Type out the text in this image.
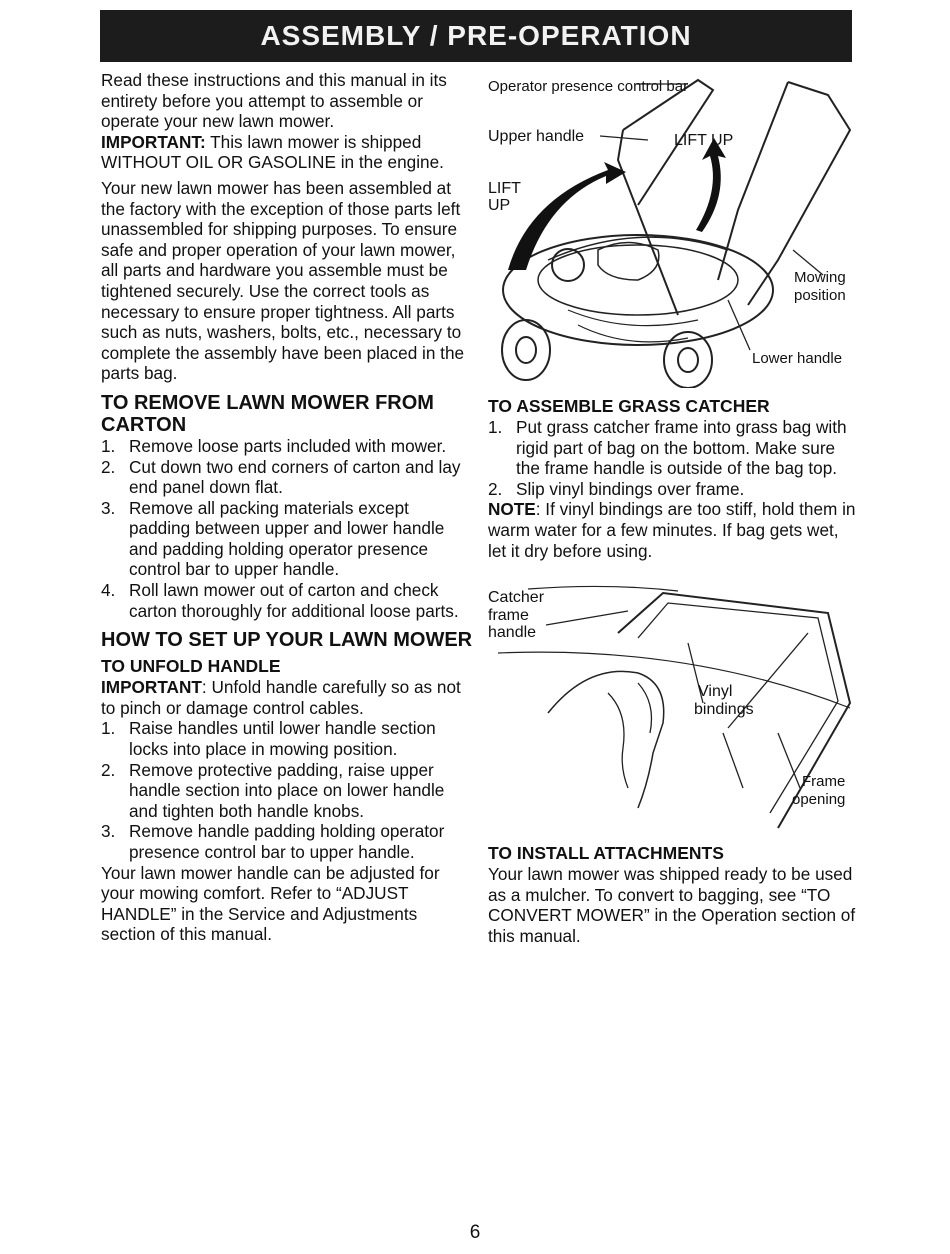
ASSEMBLY / PRE-OPERATION

Read these instructions and this manual in its entirety before you attempt to assemble or operate your new lawn mower.

IMPORTANT: This lawn mower is shipped WITHOUT OIL OR GASOLINE in the engine.

Your new lawn mower has been assembled at the factory with the exception of those parts left unassembled for shipping purposes. To ensure safe and proper operation of your lawn mower, all parts and hardware you assemble must be tightened securely. Use the correct tools as necessary to ensure proper tightness. All parts such as nuts, washers, bolts, etc., necessary to complete the assembly have been placed in the parts bag.

TO REMOVE LAWN MOWER FROM CARTON
1. Remove loose parts included with mower.
2. Cut down two end corners of carton and lay end panel down flat.
3. Remove all packing materials except padding between upper and lower handle and padding holding operator presence control bar to upper handle.
4. Roll lawn mower out of carton and check carton thoroughly for additional loose parts.
HOW TO SET UP YOUR LAWN MOWER
TO UNFOLD HANDLE

IMPORTANT: Unfold handle carefully so as not to pinch or damage control cables.

1. Raise handles until lower handle section locks into place in mowing position.
2. Remove protective padding, raise upper handle section into place on lower handle and tighten both handle knobs.
3. Remove handle padding holding operator presence control bar to upper handle.

Your lawn mower handle can be adjusted for your mowing comfort. Refer to “ADJUST HANDLE” in the Service and Adjustments section of this manual.

Operator presence control bar
Upper handle	LIFT UP
LIFT
UP
Mowing
position
Lower handle
TO ASSEMBLE GRASS CATCHER
1. Put grass catcher frame into grass bag with rigid part of bag on the bottom. Make sure the frame handle is outside of the bag top.
2. Slip vinyl bindings over frame.

NOTE: If vinyl bindings are too stiff, hold them in warm water for a few minutes. If bag gets wet, let it dry before using.

Catcher
frame
handle
Vinyl
bindings
Frame
opening
TO INSTALL ATTACHMENTS

Your lawn mower was shipped ready to be used as a mulcher. To convert to bagging, see “TO CONVERT MOWER” in the Operation section of this manual.

6
